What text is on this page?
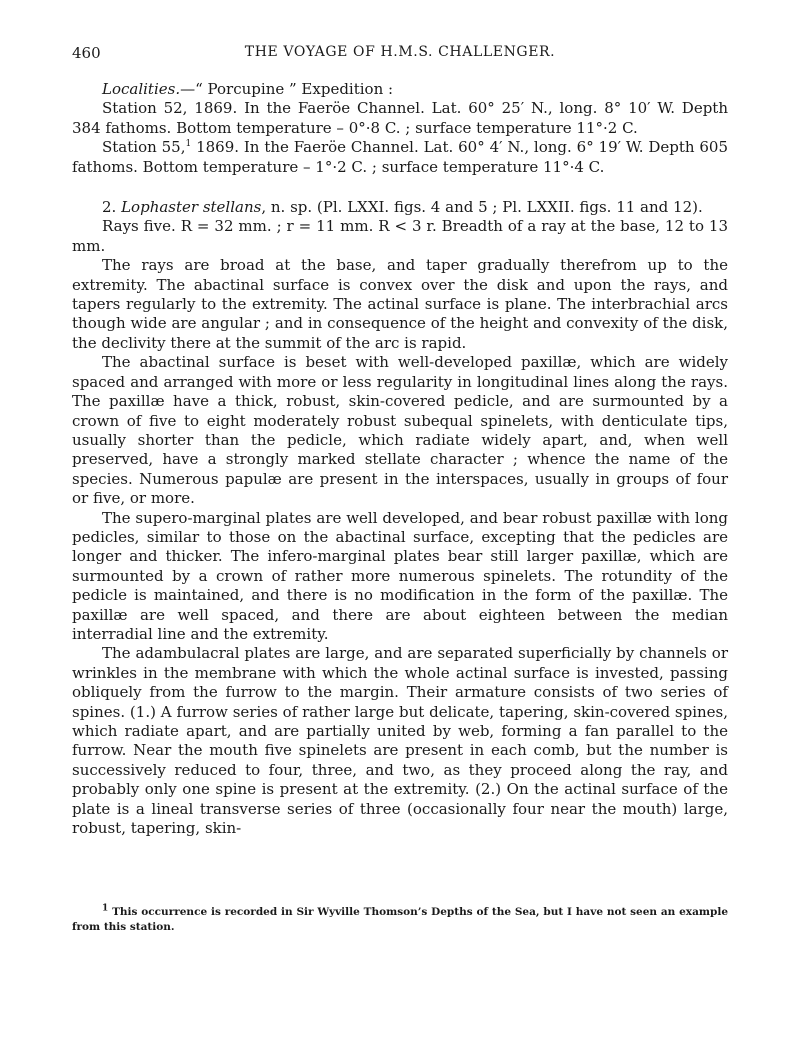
460	THE VOYAGE OF H.M.S. CHALLENGER.

Localities.—“ Porcupine ” Expedition :

Station 52, 1869. In the Faeröe Channel. Lat. 60° 25′ N., long. 8° 10′ W. Depth 384 fathoms. Bottom temperature – 0°·8 C. ; surface temperature 11°·2 C.

Station 55,$^1$ 1869. In the Faeröe Channel. Lat. 60° 4′ N., long. 6° 19′ W. Depth 605 fathoms. Bottom temperature – 1°·2 C. ; surface temperature 11°·4 C.

2. Lophaster stellans, n. sp. (Pl. LXXI. figs. 4 and 5 ; Pl. LXXII. figs. 11 and 12).

Rays five. R = 32 mm. ; r = 11 mm. R < 3 r. Breadth of a ray at the base, 12 to 13 mm.

The rays are broad at the base, and taper gradually therefrom up to the extremity. The abactinal surface is convex over the disk and upon the rays, and tapers regularly to the extremity. The actinal surface is plane. The interbrachial arcs though wide are angular ; and in consequence of the height and convexity of the disk, the declivity there at the summit of the arc is rapid.

The abactinal surface is beset with well-developed paxillæ, which are widely spaced and arranged with more or less regularity in longitudinal lines along the rays. The paxillæ have a thick, robust, skin-covered pedicle, and are surmounted by a crown of five to eight moderately robust subequal spinelets, with denticulate tips, usually shorter than the pedicle, which radiate widely apart, and, when well preserved, have a strongly marked stellate character ; whence the name of the species. Numerous papulæ are present in the interspaces, usually in groups of four or five, or more.

The supero-marginal plates are well developed, and bear robust paxillæ with long pedicles, similar to those on the abactinal surface, excepting that the pedicles are longer and thicker. The infero-marginal plates bear still larger paxillæ, which are surmounted by a crown of rather more numerous spinelets. The rotundity of the pedicle is maintained, and there is no modification in the form of the paxillæ. The paxillæ are well spaced, and there are about eighteen between the median interradial line and the extremity.

The adambulacral plates are large, and are separated superficially by channels or wrinkles in the membrane with which the whole actinal surface is invested, passing obliquely from the furrow to the margin. Their armature consists of two series of spines. (1.) A furrow series of rather large but delicate, tapering, skin-covered spines, which radiate apart, and are partially united by web, forming a fan parallel to the furrow. Near the mouth five spinelets are present in each comb, but the number is successively reduced to four, three, and two, as they proceed along the ray, and probably only one spine is present at the extremity. (2.) On the actinal surface of the plate is a lineal transverse series of three (occasionally four near the mouth) large, robust, tapering, skin-

$^1$ This occurrence is recorded in Sir Wyville Thomson’s Depths of the Sea, but I have not seen an example from this station.
